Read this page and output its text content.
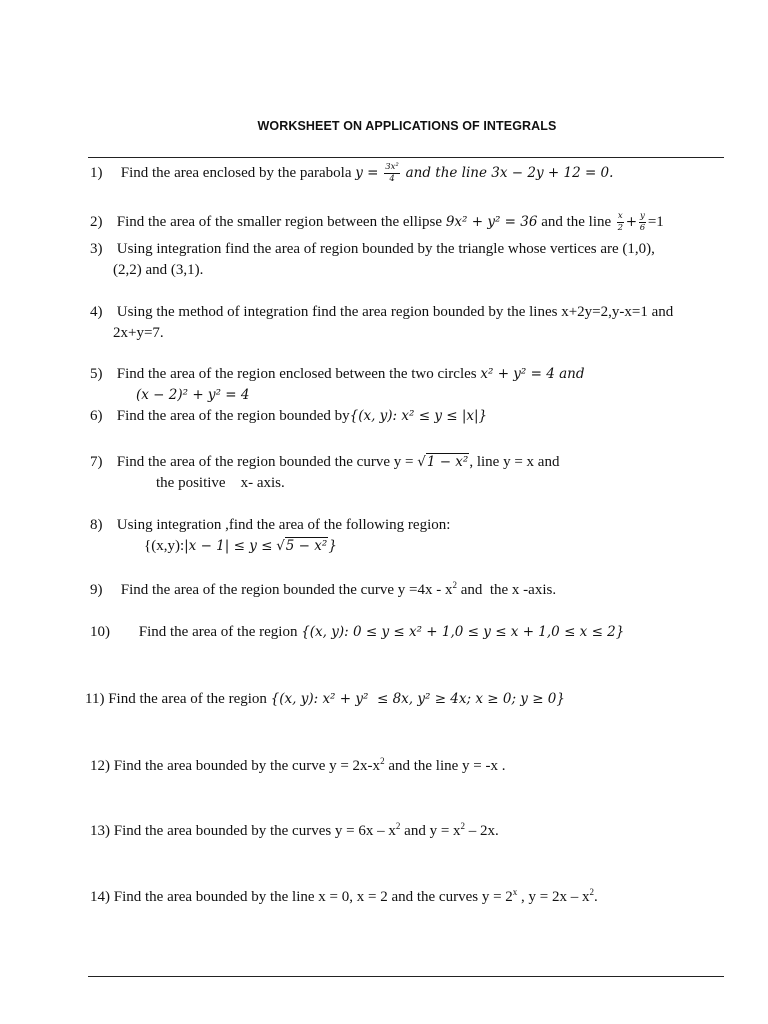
WORKSHEET ON APPLICATIONS OF INTEGRALS
1) Find the area enclosed by the parabola $y = \frac{\text{3x²}}{4}$ and the line 3x − 2y + 12 = 0.
2) Find the area of the smaller region between the ellipse 9x² + y² = 36 and the line $\frac{x}{2} + \frac{y}{6} =1$
3) Using integration find the area of region bounded by the triangle whose vertices are (1,0),
(2,2) and (3,1).
4) Using the method of integration find the area region bounded by the lines x+2y=2,y-x=1 and
2x+y=7.
5) Find the area of the region enclosed between the two circles x² + y² = 4 and
(x − 2)² + y² = 4
6) Find the area of the region bounded by{(x, y): x² ≤ y ≤ |x|}
7) Find the area of the region bounded the curve y = √1 − x², line y = x and
the positive    x- axis.
8) Using integration ,find the area of the following region:
{(x,y):|x − 1| ≤ y ≤ √5 − x²}
9) Find the area of the region bounded the curve $y =4x - x^2$ and  the x -axis.
10) Find the area of the region {(x, y): 0 ≤ y ≤ x² + 1,0 ≤ y ≤ x + 1,0 ≤ x ≤ 2}
11) Find the area of the region {(x, y): x² + y²  ≤ 8x, y² ≥ 4x; x ≥ 0; y ≥ 0}
12) Find the area bounded by the curve $y = 2x-x^2$ and the line y = -x .
13) Find the area bounded by the curves $y = 6x - x^2$ and $y = x^2 - 2x$.
14) Find the area bounded by the line x = 0, x = 2 and the curves $y = 2^x$ , $y = 2x - x^2$.
